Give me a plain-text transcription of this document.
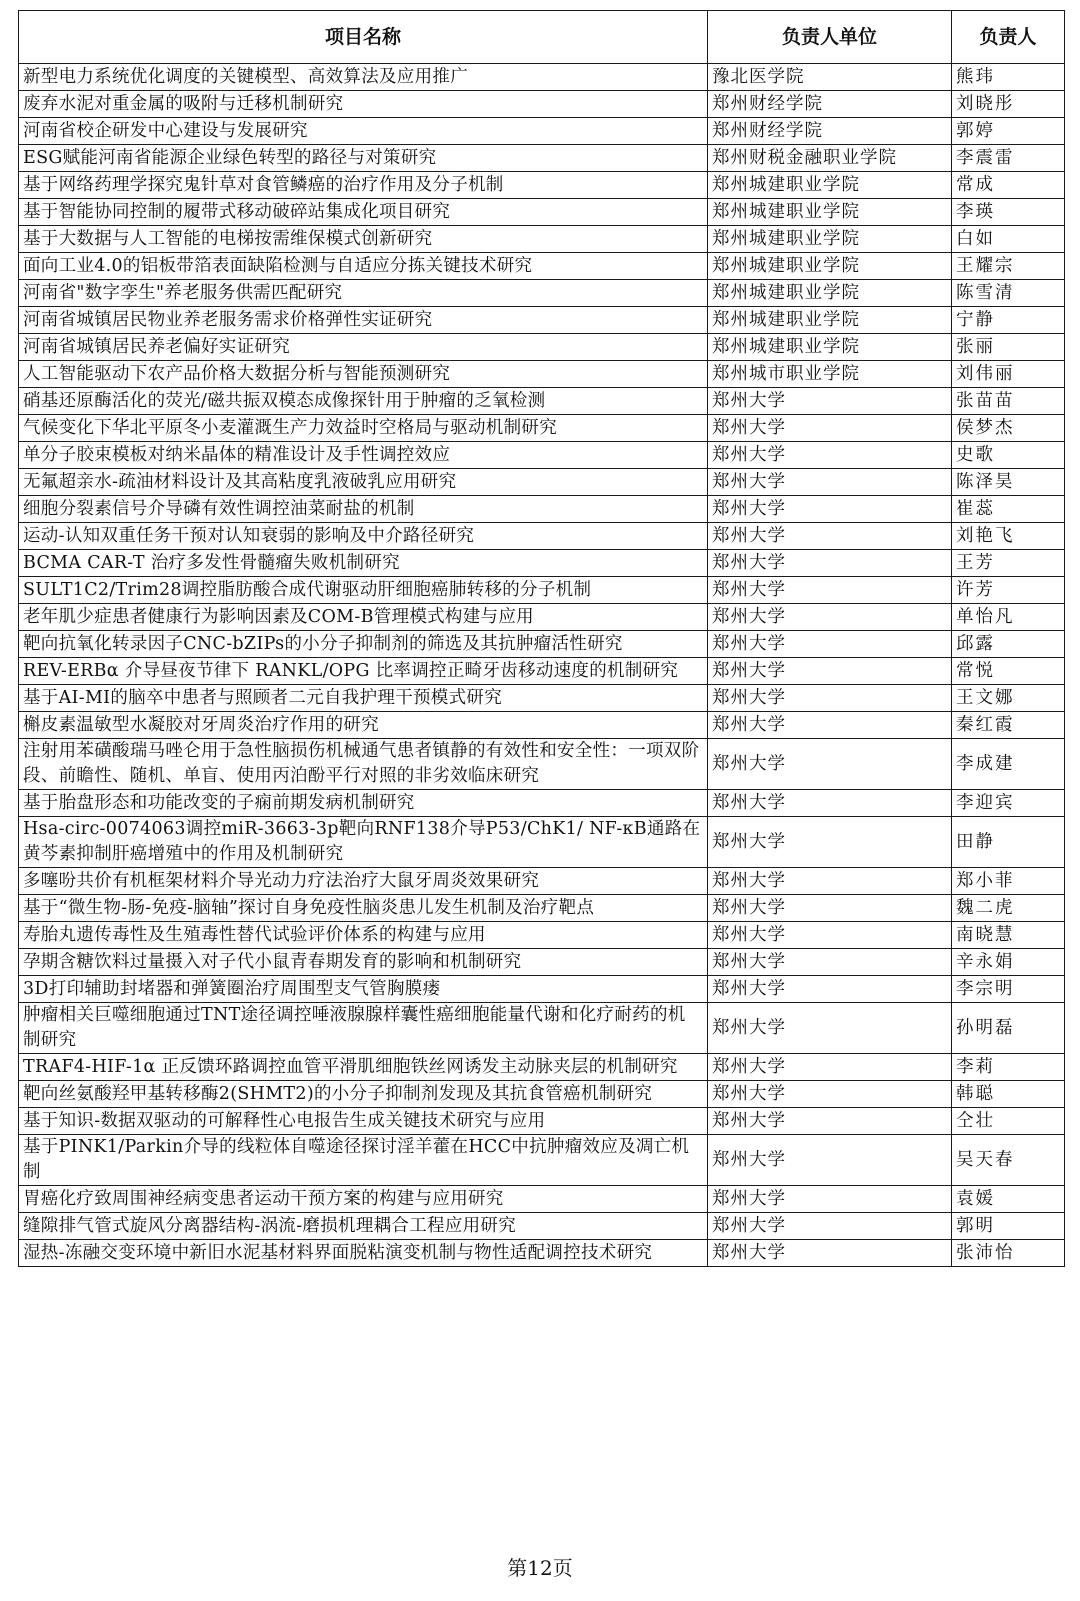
项目名称	负责人单位	负责人
新型电力系统优化调度的关键模型、高效算法及应用推广	豫北医学院	熊玮
废弃水泥对重金属的吸附与迁移机制研究	郑州财经学院	刘晓彤
河南省校企研发中心建设与发展研究	郑州财经学院	郭婷
ESG赋能河南省能源企业绿色转型的路径与对策研究	郑州财税金融职业学院	李震雷
基于网络药理学探究鬼针草对食管鳞癌的治疗作用及分子机制	郑州城建职业学院	常成
基于智能协同控制的履带式移动破碎站集成化项目研究	郑州城建职业学院	李瑛
基于大数据与人工智能的电梯按需维保模式创新研究	郑州城建职业学院	白如
面向工业4.0的铝板带箔表面缺陷检测与自适应分拣关键技术研究	郑州城建职业学院	王耀宗
河南省"数字孪生"养老服务供需匹配研究	郑州城建职业学院	陈雪清
河南省城镇居民物业养老服务需求价格弹性实证研究	郑州城建职业学院	宁静
河南省城镇居民养老偏好实证研究	郑州城建职业学院	张丽
人工智能驱动下农产品价格大数据分析与智能预测研究	郑州城市职业学院	刘伟丽
硝基还原酶活化的荧光/磁共振双模态成像探针用于肿瘤的乏氧检测	郑州大学	张苗苗
气候变化下华北平原冬小麦灌溉生产力效益时空格局与驱动机制研究	郑州大学	侯梦杰
单分子胶束模板对纳米晶体的精准设计及手性调控效应	郑州大学	史歌
无氟超亲水-疏油材料设计及其高粘度乳液破乳应用研究	郑州大学	陈泽昊
细胞分裂素信号介导磷有效性调控油菜耐盐的机制	郑州大学	崔蕊
运动-认知双重任务干预对认知衰弱的影响及中介路径研究	郑州大学	刘艳飞
BCMA CAR-T 治疗多发性骨髓瘤失败机制研究	郑州大学	王芳
SULT1C2/Trim28调控脂肪酸合成代谢驱动肝细胞癌肺转移的分子机制	郑州大学	许芳
老年肌少症患者健康行为影响因素及COM-B管理模式构建与应用	郑州大学	单怡凡
靶向抗氧化转录因子CNC-bZIPs的小分子抑制剂的筛选及其抗肿瘤活性研究	郑州大学	邱露
REV-ERBα 介导昼夜节律下 RANKL/OPG 比率调控正畸牙齿移动速度的机制研究	郑州大学	常悦
基于AI-MI的脑卒中患者与照顾者二元自我护理干预模式研究	郑州大学	王文娜
槲皮素温敏型水凝胶对牙周炎治疗作用的研究	郑州大学	秦红霞
注射用苯磺酸瑞马唑仑用于急性脑损伤机械通气患者镇静的有效性和安全性：一项双阶段、前瞻性、随机、单盲、使用丙泊酚平行对照的非劣效临床研究	郑州大学	李成建
基于胎盘形态和功能改变的子痫前期发病机制研究	郑州大学	李迎宾
Hsa-circ-0074063调控miR-3663-3p靶向RNF138介导P53/ChK1/ NF-κB通路在黄芩素抑制肝癌增殖中的作用及机制研究	郑州大学	田静
多噻吩共价有机框架材料介导光动力疗法治疗大鼠牙周炎效果研究	郑州大学	郑小菲
基于“微生物-肠-免疫-脑轴”探讨自身免疫性脑炎患儿发生机制及治疗靶点	郑州大学	魏二虎
寿胎丸遗传毒性及生殖毒性替代试验评价体系的构建与应用	郑州大学	南晓慧
孕期含糖饮料过量摄入对子代小鼠青春期发育的影响和机制研究	郑州大学	辛永娟
3D打印辅助封堵器和弹簧圈治疗周围型支气管胸膜瘘	郑州大学	李宗明
肿瘤相关巨噬细胞通过TNT途径调控唾液腺腺样囊性癌细胞能量代谢和化疗耐药的机制研究	郑州大学	孙明磊
TRAF4-HIF-1α 正反馈环路调控血管平滑肌细胞铁丝网诱发主动脉夹层的机制研究	郑州大学	李莉
靶向丝氨酸羟甲基转移酶2(SHMT2)的小分子抑制剂发现及其抗食管癌机制研究	郑州大学	韩聪
基于知识-数据双驱动的可解释性心电报告生成关键技术研究与应用	郑州大学	仝壮
基于PINK1/Parkin介导的线粒体自噬途径探讨淫羊藿在HCC中抗肿瘤效应及凋亡机制	郑州大学	吴天春
胃癌化疗致周围神经病变患者运动干预方案的构建与应用研究	郑州大学	袁媛
缝隙排气管式旋风分离器结构-涡流-磨损机理耦合工程应用研究	郑州大学	郭明
湿热-冻融交变环境中新旧水泥基材料界面脱粘演变机制与物性适配调控技术研究	郑州大学	张沛怡
第12页
